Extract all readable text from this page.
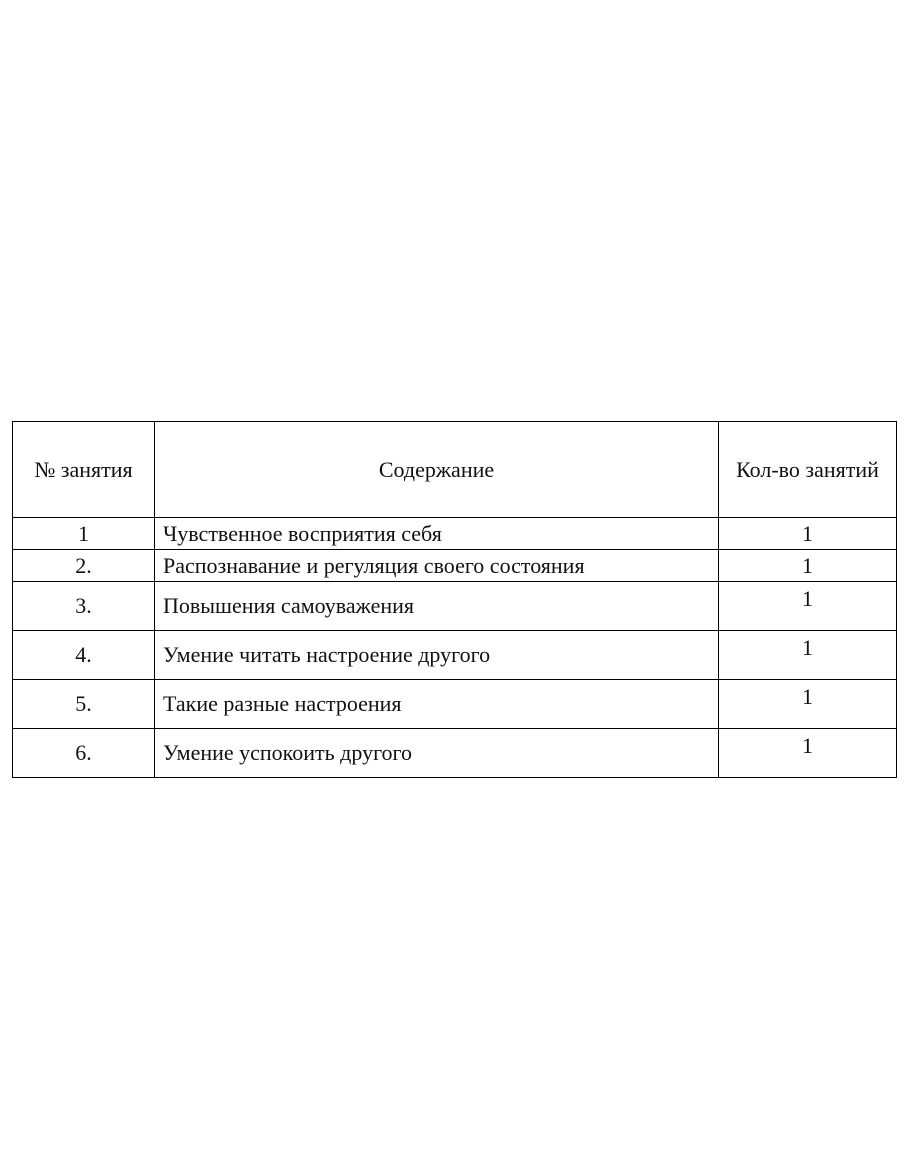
№ занятия	Содержание	Кол-во занятий
1	Чувственное восприятия себя	1
2.	Распознавание и регуляция своего состояния	1
3.	Повышения самоуважения	1
4.	Умение читать настроение другого	1
5.	Такие разные настроения	1
6.	Умение успокоить другого	1
